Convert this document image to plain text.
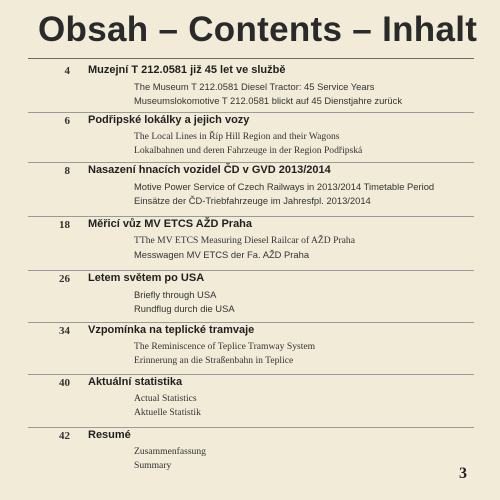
Obsah – Contents – Inhalt
4 Muzejní T 212.0581 již 45 let ve službě
The Museum T 212.0581 Diesel Tractor: 45 Service Years
Museumslokomotive T 212.0581 blickt auf 45 Dienstjahre zurück
6 Podřipské lokálky a jejich vozy
The Local Lines in Říp Hill Region and their Wagons
Lokalbahnen und deren Fahrzeuge in der Region Podřipská
8 Nasazení hnacích vozidel ČD v GVD 2013/2014
Motive Power Service of Czech Railways in 2013/2014 Timetable Period
Einsätze der ČD-Triebfahrzeuge im Jahresfpl. 2013/2014
18 Měřicí vůz MV ETCS AŽD Praha
TThe MV ETCS Measuring Diesel Railcar of AŽD Praha
Messwagen MV ETCS der Fa. AŽD Praha
26 Letem světem po USA
Briefly through USA
Rundflug durch die USA
34 Vzpomínka na teplické tramvaje
The Reminiscence of Teplice Tramway System
Erinnerung an die Straßenbahn in Teplice
40 Aktuální statistika
Actual Statistics
Aktuelle Statistik
42 Resumé
Zusammenfassung
Summary	3
